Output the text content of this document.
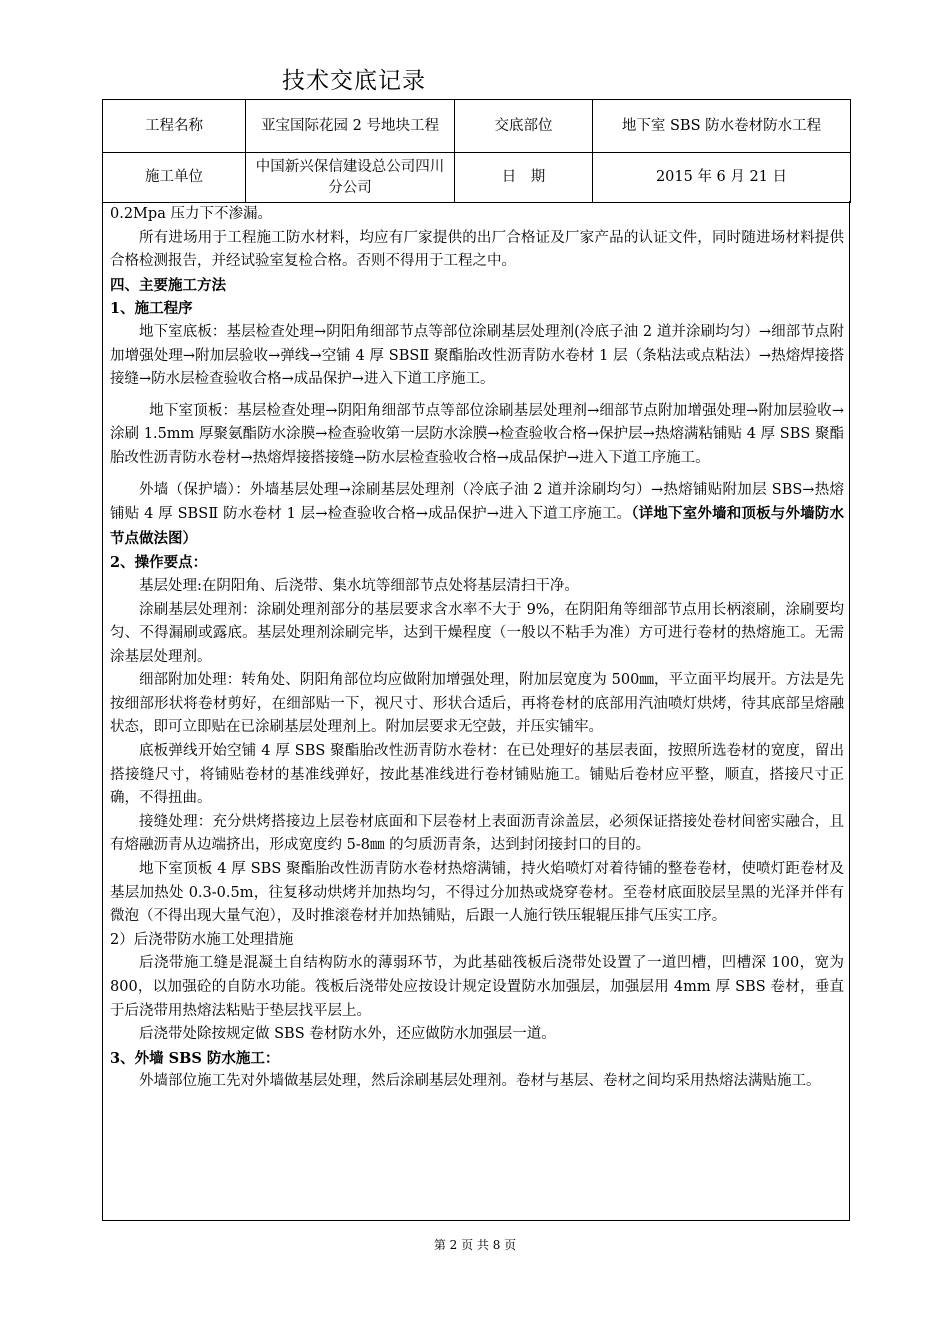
技术交底记录
工程名称	亚宝国际花园 2 号地块工程	交底部位	地下室 SBS 防水卷材防水工程
施工单位	中国新兴保信建设总公司四川分公司	日　期	2015 年 6 月 21 日

0.2Mpa 压力下不渗漏。

所有进场用于工程施工防水材料，均应有厂家提供的出厂合格证及厂家产品的认证文件，同时随进场材料提供合格检测报告，并经试验室复检合格。否则不得用于工程之中。

四、主要施工方法

1、施工程序

地下室底板：基层检查处理→阴阳角细部节点等部位涂刷基层处理剂(冷底子油 2 道并涂刷均匀）→细部节点附加增强处理→附加层验收→弹线→空铺 4 厚 SBSⅡ 聚酯胎改性沥青防水卷材 1 层（条粘法或点粘法）→热熔焊接搭接缝→防水层检查验收合格→成品保护→进入下道工序施工。

地下室顶板：基层检查处理→阴阳角细部节点等部位涂刷基层处理剂→细部节点附加增强处理→附加层验收→涂刷 1.5mm 厚聚氨酯防水涂膜→检查验收第一层防水涂膜→检查验收合格→保护层→热熔满粘铺贴 4 厚 SBS 聚酯胎改性沥青防水卷材→热熔焊接搭接缝→防水层检查验收合格→成品保护→进入下道工序施工。

外墙（保护墙）：外墙基层处理→涂刷基层处理剂（冷底子油 2 道并涂刷均匀）→热熔铺贴附加层 SBS→热熔铺贴 4 厚 SBSⅡ 防水卷材 1 层→检查验收合格→成品保护→进入下道工序施工。（详地下室外墙和顶板与外墙防水节点做法图）

2、操作要点：

基层处理:在阴阳角、后浇带、集水坑等细部节点处将基层清扫干净。

涂刷基层处理剂：涂刷处理剂部分的基层要求含水率不大于 9%，在阴阳角等细部节点用长柄滚刷，涂刷要均匀、不得漏刷或露底。基层处理剂涂刷完毕，达到干燥程度（一般以不粘手为准）方可进行卷材的热熔施工。无需涂基层处理剂。

细部附加处理：转角处、阴阳角部位均应做附加增强处理，附加层宽度为 500㎜，平立面平均展开。方法是先按细部形状将卷材剪好，在细部贴一下，视尺寸、形状合适后，再将卷材的底部用汽油喷灯烘烤，待其底部呈熔融状态，即可立即贴在已涂刷基层处理剂上。附加层要求无空鼓，并压实铺牢。

底板弹线开始空铺 4 厚 SBS 聚酯胎改性沥青防水卷材：在已处理好的基层表面，按照所选卷材的宽度，留出搭接缝尺寸，将铺贴卷材的基准线弹好，按此基准线进行卷材铺贴施工。铺贴后卷材应平整，顺直，搭接尺寸正确，不得扭曲。

接缝处理：充分烘烤搭接边上层卷材底面和下层卷材上表面沥青涂盖层，必须保证搭接处卷材间密实融合，且有熔融沥青从边端挤出，形成宽度约 5-8㎜ 的匀质沥青条，达到封闭接封口的目的。

地下室顶板 4 厚 SBS 聚酯胎改性沥青防水卷材热熔满铺，持火焰喷灯对着待铺的整卷卷材，使喷灯距卷材及基层加热处 0.3-0.5m，往复移动烘烤并加热均匀，不得过分加热或烧穿卷材。至卷材底面胶层呈黑的光泽并伴有微泡（不得出现大量气泡），及时推滚卷材并加热铺贴，后跟一人施行铁压辊辊压排气压实工序。

2）后浇带防水施工处理措施

后浇带施工缝是混凝土自结构防水的薄弱环节，为此基础筏板后浇带处设置了一道凹槽，凹槽深 100，宽为 800，以加强砼的自防水功能。筏板后浇带处应按设计规定设置防水加强层，加强层用 4mm 厚 SBS 卷材，垂直于后浇带用热熔法粘贴于垫层找平层上。

后浇带处除按规定做 SBS 卷材防水外，还应做防水加强层一道。

3、外墙 SBS 防水施工：

外墙部位施工先对外墙做基层处理，然后涂刷基层处理剂。卷材与基层、卷材之间均采用热熔法满贴施工。

第 2 页 共 8 页
